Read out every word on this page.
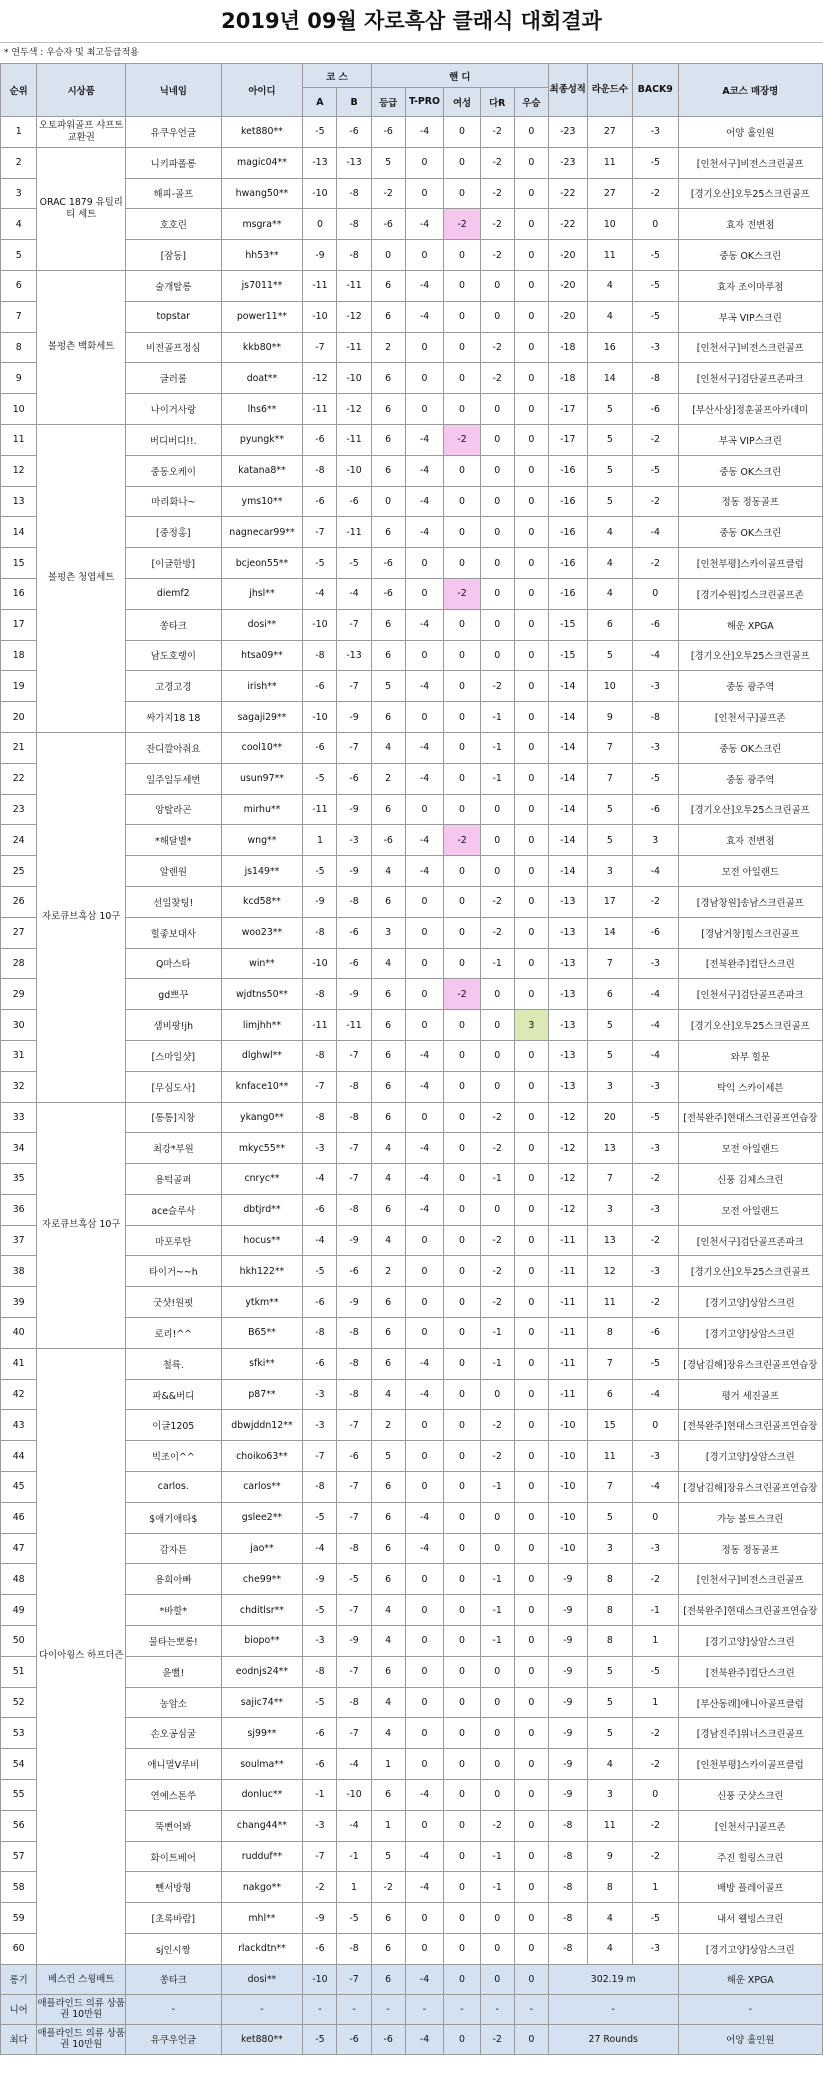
2019년 09월 자로흑삼 클래식 대회결과
* 연두색 : 우승자 및 최고등급적용
순위	시상품	닉네임	아이디	코 스		핸 디					최종성적	라운드수	BACK9	A코스 매장명
				A	B	등급	T-PRO	여성	다R	우승				
1	오토파워골프 샤프트 교환권	유쿠우언글	ket880**	-5	-6	-6	-4	0	-2	0	-23	27	-3	어양 홀인원
2	ORAC 1879 유틸리티 세트	니키파폴롱	magic04**	-13	-13	5	0	0	-2	0	-23	11	-5	[인천서구]비전스크린골프
3		해피-골프	hwang50**	-10	-8	-2	0	0	-2	0	-22	27	-2	[경기오산]오투25스크린골프
4		호호린	msgra**	0	-8	-6	-4	-2	-2	0	-22	10	0	효자 전변점
5		[잠동]	hh53**	-9	-8	0	0	0	-2	0	-20	11	-5	중동 OK스크린
6	볼펑츤 백화세트	술개탈롱	js7011**	-11	-11	6	-4	0	0	0	-20	4	-5	효자 조이마루점
7		topstar	power11**	-10	-12	6	-4	0	0	0	-20	4	-5	부곡 VIP스크린
8		비전골프정심	kkb80**	-7	-11	2	0	0	-2	0	-18	16	-3	[인천서구]비전스크린골프
9		글러롤	doat**	-12	-10	6	0	0	-2	0	-18	14	-8	[인천서구]검단골프존파크
10		나이거사랑	lhs6**	-11	-12	6	0	0	0	0	-17	5	-6	[부산사상]정훈골프아카데미
11	볼펑츤 청엽세트	버디버디!!.	pyungk**	-6	-11	6	-4	-2	0	0	-17	5	-2	부곡 VIP스크린
12		중동오케이	katana8**	-8	-10	6	-4	0	0	0	-16	5	-5	중동 OK스크린
13		마리화나~	yms10**	-6	-6	0	-4	0	0	0	-16	5	-2	정동 정동골프
14		[중정홍]	nagnecar99**	-7	-11	6	-4	0	0	0	-16	4	-4	중동 OK스크린
15		[이글한방]	bcjeon55**	-5	-5	-6	0	0	0	0	-16	4	-2	[인천부평]스카이골프클럽
16		diemf2	jhsl**	-4	-4	-6	0	-2	0	0	-16	4	0	[경기수원]킹스크린골프존
17		쏭타크	dosi**	-10	-7	6	-4	0	0	0	-15	6	-6	해운 XPGA
18		남도호랭이	htsa09**	-8	-13	6	0	0	0	0	-15	5	-4	[경기오산]오투25스크린골프
19		고경고경	irish**	-6	-7	5	-4	0	-2	0	-14	10	-3	중동 광주역
20		싸가지18 18	sagaji29**	-10	-9	6	0	0	-1	0	-14	9	-8	[인천서구]골프존
21	자로큐브흑삼 10구	잔디깔아줘요	cool10**	-6	-7	4	-4	0	-1	0	-14	7	-3	중동 OK스크린
22		일주일두세번	usun97**	-5	-6	2	-4	0	-1	0	-14	7	-5	중동 광주역
23		앙탈라곤	mirhu**	-11	-9	6	0	0	0	0	-14	5	-6	[경기오산]오투25스크린골프
24		*해달별*	wng**	1	-3	-6	-4	-2	0	0	-14	5	3	효자 전변점
25		알렌원	js149**	-5	-9	4	-4	0	0	0	-14	3	-4	모전 아일랜드
26		선일찾팅!	kcd58**	-9	-8	6	0	0	-2	0	-13	17	-2	[경남창원]송남스크린골프
27		힐좋보대사	woo23**	-8	-6	3	0	0	-2	0	-13	14	-6	[경남거창]힐스크린골프
28		Q마스타	win**	-10	-6	4	0	0	-1	0	-13	7	-3	[전북완주]컴단스크린
29		gd쁘꾸	wjdtns50**	-8	-9	6	0	-2	0	0	-13	6	-4	[인천서구]검단골프존파크
30		샘비팡!jh	limjhh**	-11	-11	6	0	0	0	3	-13	5	-4	[경기오산]오투25스크린골프
31		[스마일샷]	dlghwl**	-8	-7	6	-4	0	0	0	-13	5	-4	와부 힐문
32		[무심도사]	knface10**	-7	-8	6	-4	0	0	0	-13	3	-3	탁익 스카이세븐
33	자로큐브흑삼 10구	[통통]지창	ykang0**	-8	-8	6	0	0	-2	0	-12	20	-5	[전북완주]현대스크린골프연습장
34		최강*부원	mkyc55**	-3	-7	4	-4	0	-2	0	-12	13	-3	모전 아일랜드
35		용턱골퍼	cnryc**	-4	-7	4	-4	0	-1	0	-12	7	-2	신풍 김체스크린
36		ace슬루사	dbtjrd**	-6	-8	6	-4	0	0	0	-12	3	-3	모전 아일랜드
37		마포루탄	hocus**	-4	-9	4	0	0	-2	0	-11	13	-2	[인천서구]검단골프존파크
38		타이거~~h	hkh122**	-5	-6	2	0	0	-2	0	-11	12	-3	[경기오산]오투25스크린골프
39		굿샷!원펏	ytkm**	-6	-9	6	0	0	-2	0	-11	11	-2	[경기고양]상암스크린
40		로리!^^	B65**	-8	-8	6	0	0	-1	0	-11	8	-6	[경기고양]상암스크린
41	다이아윙스 하프더즌	철륙.	sfki**	-6	-8	6	-4	0	-1	0	-11	7	-5	[경남김해]장유스크린골프연습장
42		파&&버디	p87**	-3	-8	4	-4	0	0	0	-11	6	-4	평거 세진골프
43		이글1205	dbwjddn12**	-3	-7	2	0	0	-2	0	-10	15	0	[전북완주]현대스크린골프연습장
44		빅조이^^	choiko63**	-7	-6	5	0	0	-2	0	-10	11	-3	[경기고양]상암스크린
45		carlos.	carlos**	-8	-7	6	0	0	-1	0	-10	7	-4	[경남김해]장유스크린골프연습장
46		$애기애타$	gslee2**	-5	-7	6	-4	0	0	0	-10	5	0	가능 볼트스크린
47		감자튼	jao**	-4	-8	6	-4	0	0	0	-10	3	-3	정동 정동골프
48		용희아빠	che99**	-9	-5	6	0	0	-1	0	-9	8	-2	[인천서구]비전스크린골프
49		*바할*	chditlsr**	-5	-7	4	0	0	-1	0	-9	8	-1	[전북완주]현대스크린골프연습장
50		물타는뽀롱!	biopo**	-3	-9	4	0	0	-1	0	-9	8	1	[경기고양]상암스크린
51		윤뻘!	eodnjs24**	-8	-7	6	0	0	0	0	-9	5	-5	[전북완주]컴단스크린
52		농암소	sajic74**	-5	-8	4	0	0	0	0	-9	5	1	[부산동래]애니아골프클럽
53		손오공심굴	sj99**	-6	-7	4	0	0	0	0	-9	5	-2	[경남진주]위너스크린골프
54		애니멀V루비	soulma**	-6	-4	1	0	0	0	0	-9	4	-2	[인천부평]스카이골프클럽
55		연예스톤쑤	donluc**	-1	-10	6	-4	0	0	0	-9	3	0	신풍 굿샷스크린
56		뚝뻔어봐	chang44**	-3	-4	1	0	0	-2	0	-8	11	-2	[인천서구]골프존
57		화이트베어	rudduf**	-7	-1	5	-4	0	-1	0	-8	9	-2	주진 힐링스크린
58		뺀서방형	nakgo**	-2	1	-2	-4	0	-1	0	-8	8	1	배방 플레이골프
59		[초록바람]	mhl**	-9	-5	6	0	0	0	0	-8	4	-5	내서 웰빙스크린
60		sj인시짱	rlackdtn**	-6	-8	6	0	0	0	0	-8	4	-3	[경기고양]상암스크린
롱기	베스컨 스윙배트	쏭타크	dosi**	-10	-7	6	-4	0	0	0	302.19 m			해운 XPGA
니어	애플라인드 의류 상품권 10만원	-	-	-	-	-	-	-	-	-	-			-
최다	애플라인드 의류 상품권 10만원	유쿠우언글	ket880**	-5	-6	-6	-4	0	-2	0	27 Rounds			어양 홀인원
